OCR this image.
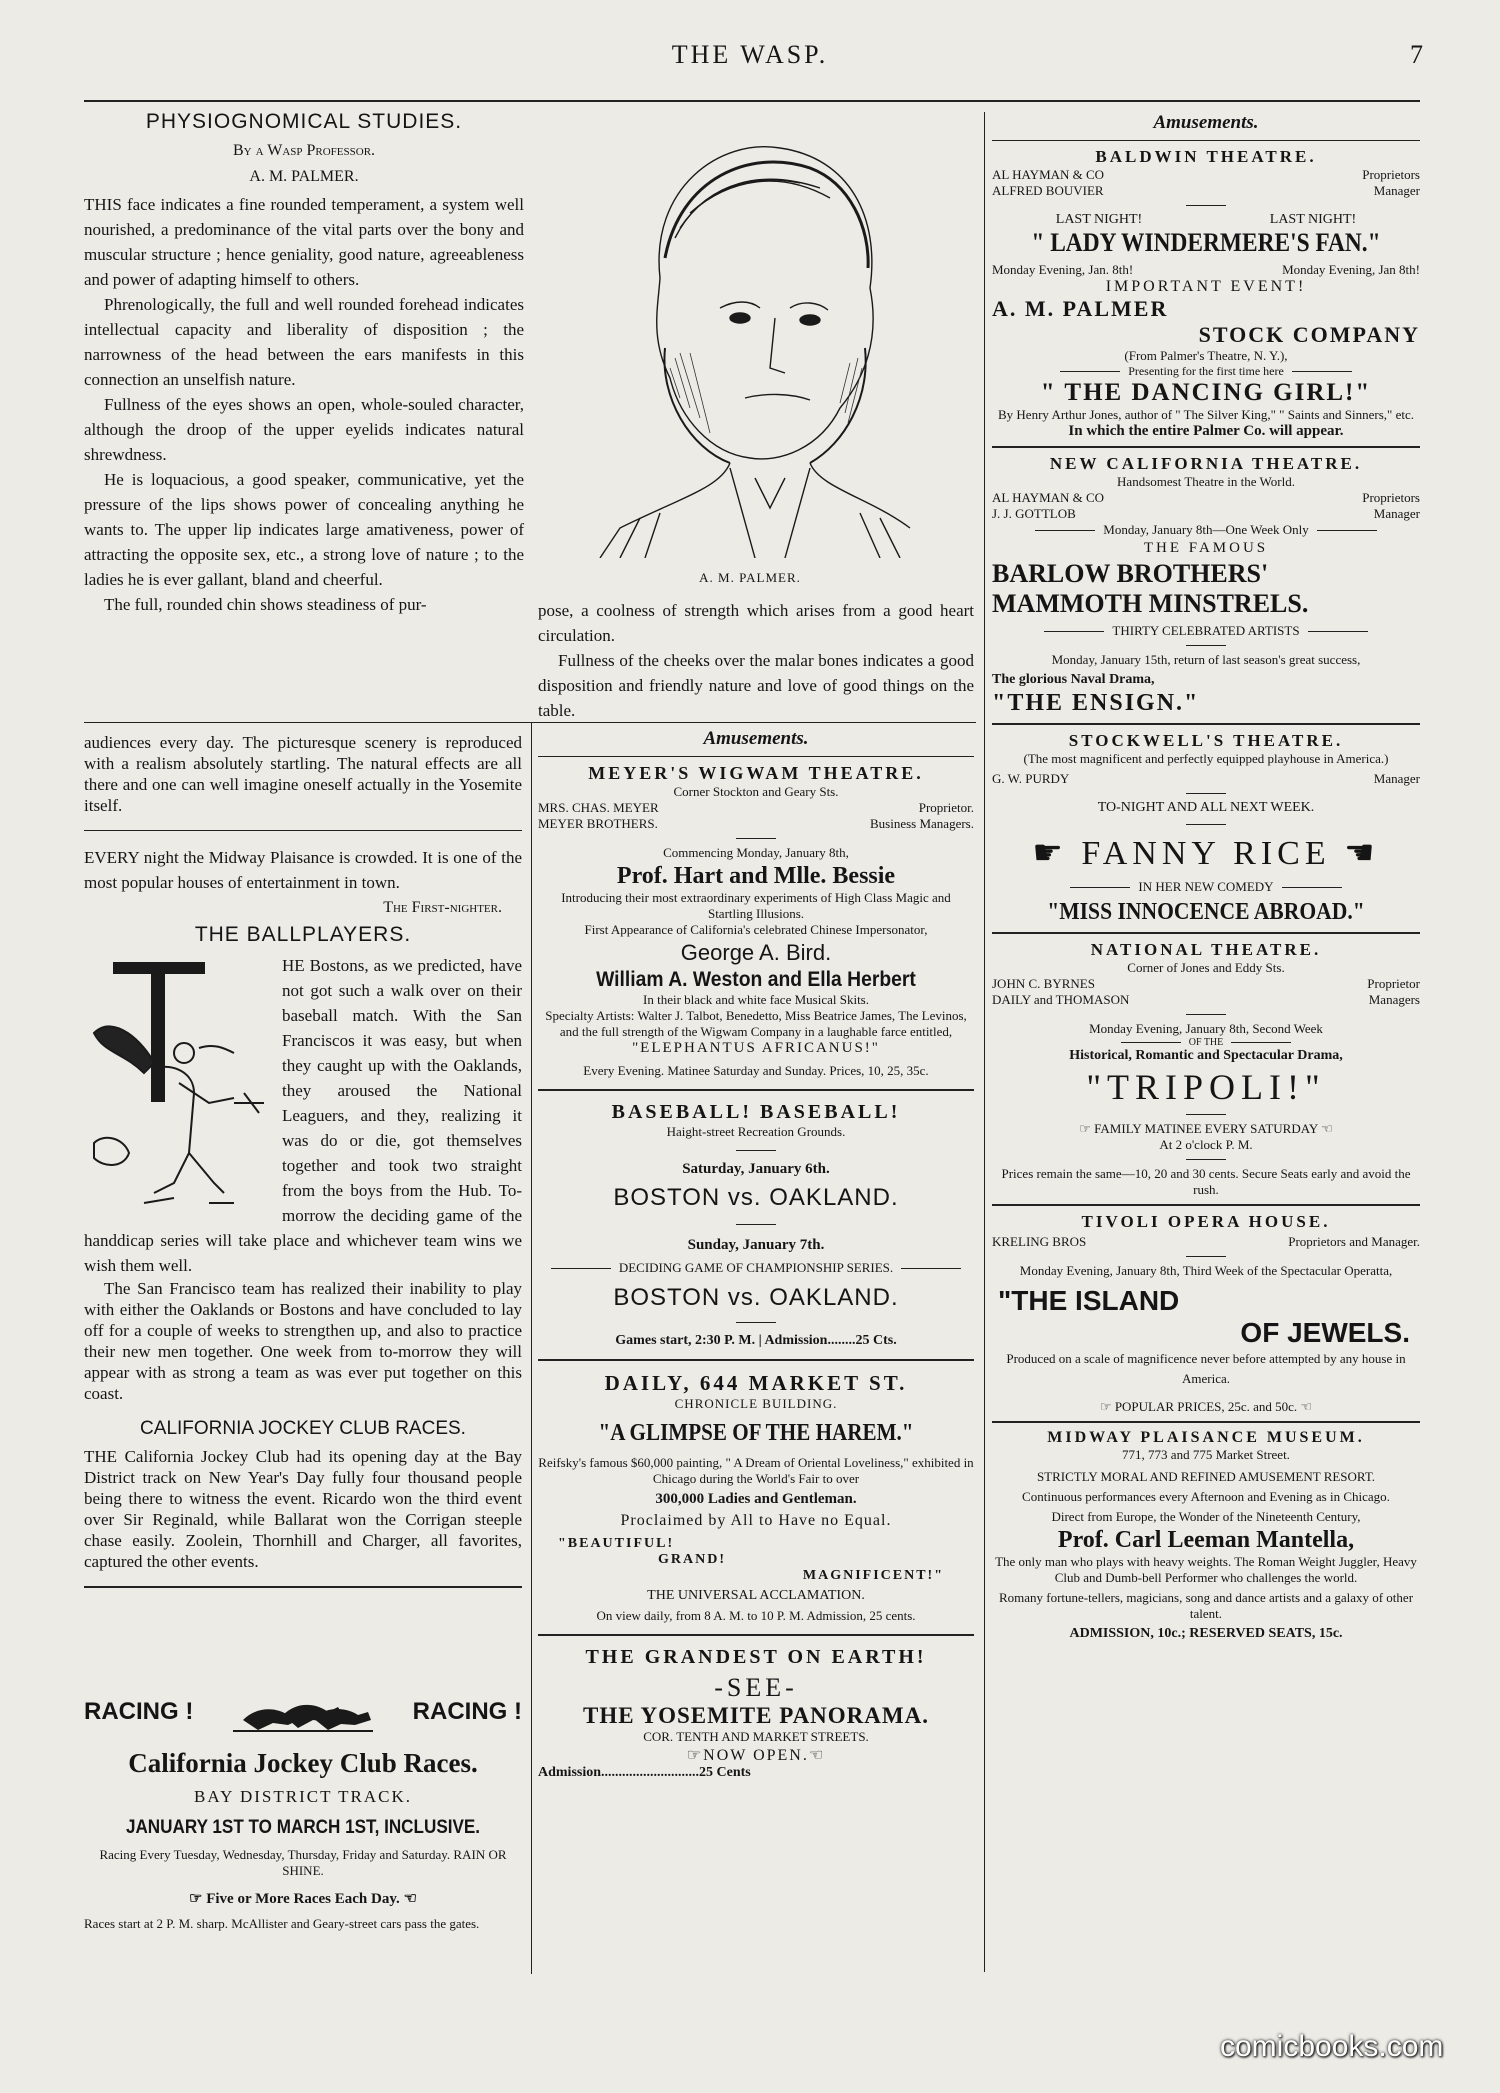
THE WASP.	7
PHYSIOGNOMICAL STUDIES.
By a Wasp Professor.
A. M. PALMER.

THIS face indicates a fine rounded temperament, a system well nourished, a predominance of the vital parts over the bony and muscular structure ; hence geniality, good nature, agreeableness and power of adapting himself to others.

Phrenologically, the full and well rounded forehead indicates intellectual capacity and liberality of disposition ; the narrowness of the head between the ears manifests in this connection an unselfish nature.

Fullness of the eyes shows an open, whole-souled character, although the droop of the upper eyelids indicates natural shrewdness.

He is loquacious, a good speaker, communicative, yet the pressure of the lips shows power of concealing anything he wants to. The upper lip indicates large amativeness, power of attracting the opposite sex, etc., a strong love of nature ; to the ladies he is ever gallant, bland and cheerful.

The full, rounded chin shows steadiness of pur-

A. M. PALMER.

pose, a coolness of strength which arises from a good heart circulation.

Fullness of the cheeks over the malar bones indicates a good disposition and friendly nature and love of good things on the table.

audiences every day. The picturesque scenery is reproduced with a realism absolutely startling. The natural effects are all there and one can well imagine oneself actually in the Yosemite itself.

EVERY night the Midway Plaisance is crowded. It is one of the most popular houses of entertainment in town.

The First-nighter.
THE BALLPLAYERS.

HE Bostons, as we predicted, have not got such a walk over on their baseball match. With the San Franciscos it was easy, but when they caught up with the Oaklands, they aroused the National Leaguers, and they, realizing it was do or die, got themselves together and took two straight from the boys from the Hub. To-morrow the deciding game of the handdicap series will take place and whichever team wins we wish them well.

The San Francisco team has realized their inability to play with either the Oaklands or Bostons and have concluded to lay off for a couple of weeks to strengthen up, and also to practice their new men together. One week from to-morrow they will appear with as strong a team as was ever put together on this coast.

CALIFORNIA JOCKEY CLUB RACES.

THE California Jockey Club had its opening day at the Bay District track on New Year's Day fully four thousand people being there to witness the event. Ricardo won the third event over Sir Reginald, while Ballarat won the Corrigan steeple chase easily. Zoolein, Thornhill and Charger, all favorites, captured the other events.

RACING !	RACING !
California Jockey Club Races.
BAY DISTRICT TRACK.
JANUARY 1ST TO MARCH 1ST, INCLUSIVE.
Racing Every Tuesday, Wednesday, Thursday, Friday and Saturday. RAIN OR SHINE.
☞ Five or More Races Each Day. ☜
Races start at 2 P. M. sharp. McAllister and Geary-street cars pass the gates.
Amusements.
MEYER'S WIGWAM THEATRE.
Corner Stockton and Geary Sts.
MRS. CHAS. MEYER	Proprietor.
MEYER BROTHERS.	Business Managers.
Commencing Monday, January 8th,
Prof. Hart and Mlle. Bessie
Introducing their most extraordinary experiments of High Class Magic and Startling Illusions.
First Appearance of California's celebrated Chinese Impersonator,
George A. Bird.
William A. Weston and Ella Herbert
In their black and white face Musical Skits.
Specialty Artists: Walter J. Talbot, Benedetto, Miss Beatrice James, The Levinos, and the full strength of the Wigwam Company in a laughable farce entitled,
"ELEPHANTUS AFRICANUS!"
Every Evening. Matinee Saturday and Sunday. Prices, 10, 25, 35c.
BASEBALL! BASEBALL!
Haight-street Recreation Grounds.
Saturday, January 6th.
BOSTON vs. OAKLAND.
Sunday, January 7th.
DECIDING GAME OF CHAMPIONSHIP SERIES.
BOSTON vs. OAKLAND.
Games start, 2:30 P. M. | Admission........25 Cts.
DAILY, 644 MARKET ST.
CHRONICLE BUILDING.
"A GLIMPSE OF THE HAREM."
Reifsky's famous $60,000 painting, " A Dream of Oriental Loveliness," exhibited in Chicago during the World's Fair to over
300,000 Ladies and Gentleman.
Proclaimed by All to Have no Equal.
"BEAUTIFUL!
GRAND!
MAGNIFICENT!"
THE UNIVERSAL ACCLAMATION.
On view daily, from 8 A. M. to 10 P. M. Admission, 25 cents.
THE GRANDEST ON EARTH!
-SEE-
THE YOSEMITE PANORAMA.
COR. TENTH AND MARKET STREETS.
☞NOW OPEN.☜
Admission............................25 Cents
Amusements.
BALDWIN THEATRE.
AL HAYMAN & CO	Proprietors
ALFRED BOUVIER	Manager
LAST NIGHT!	LAST NIGHT!
" LADY WINDERMERE'S FAN."
Monday Evening, Jan. 8th!	Monday Evening, Jan 8th!
IMPORTANT EVENT!
A. M. PALMER
STOCK COMPANY
(From Palmer's Theatre, N. Y.),
Presenting for the first time here
" THE DANCING GIRL!"
By Henry Arthur Jones, author of " The Silver King," " Saints and Sinners," etc.
In which the entire Palmer Co. will appear.
NEW CALIFORNIA THEATRE.
Handsomest Theatre in the World.
AL HAYMAN & CO	Proprietors
J. J. GOTTLOB	Manager
Monday, January 8th—One Week Only
THE FAMOUS
BARLOW BROTHERS'
MAMMOTH MINSTRELS.
THIRTY CELEBRATED ARTISTS
Monday, January 15th, return of last season's great success,
The glorious Naval Drama,
"THE ENSIGN."
STOCKWELL'S THEATRE.
(The most magnificent and perfectly equipped playhouse in America.)
G. W. PURDY	Manager
TO-NIGHT AND ALL NEXT WEEK.
☛ FANNY RICE ☚
IN HER NEW COMEDY
"MISS INNOCENCE ABROAD."
NATIONAL THEATRE.
Corner of Jones and Eddy Sts.
JOHN C. BYRNES	Proprietor
DAILY and THOMASON	Managers
Monday Evening, January 8th, Second Week
OF THE
Historical, Romantic and Spectacular Drama,
"TRIPOLI!"
☞ FAMILY MATINEE EVERY SATURDAY ☜
At 2 o'clock P. M.
Prices remain the same—10, 20 and 30 cents. Secure Seats early and avoid the rush.
TIVOLI OPERA HOUSE.
KRELING BROS	Proprietors and Manager.
Monday Evening, January 8th, Third Week of the Spectacular Operatta,
"THE ISLAND
OF JEWELS.
Produced on a scale of magnificence never before attempted by any house in America.
☞ POPULAR PRICES, 25c. and 50c. ☜
MIDWAY PLAISANCE MUSEUM.
771, 773 and 775 Market Street.
STRICTLY MORAL AND REFINED AMUSEMENT RESORT.
Continuous performances every Afternoon and Evening as in Chicago.
Direct from Europe, the Wonder of the Nineteenth Century,
Prof. Carl Leeman Mantella,
The only man who plays with heavy weights. The Roman Weight Juggler, Heavy Club and Dumb-bell Performer who challenges the world.
Romany fortune-tellers, magicians, song and dance artists and a galaxy of other talent.
ADMISSION, 10c.; RESERVED SEATS, 15c.
comicbooks.com
